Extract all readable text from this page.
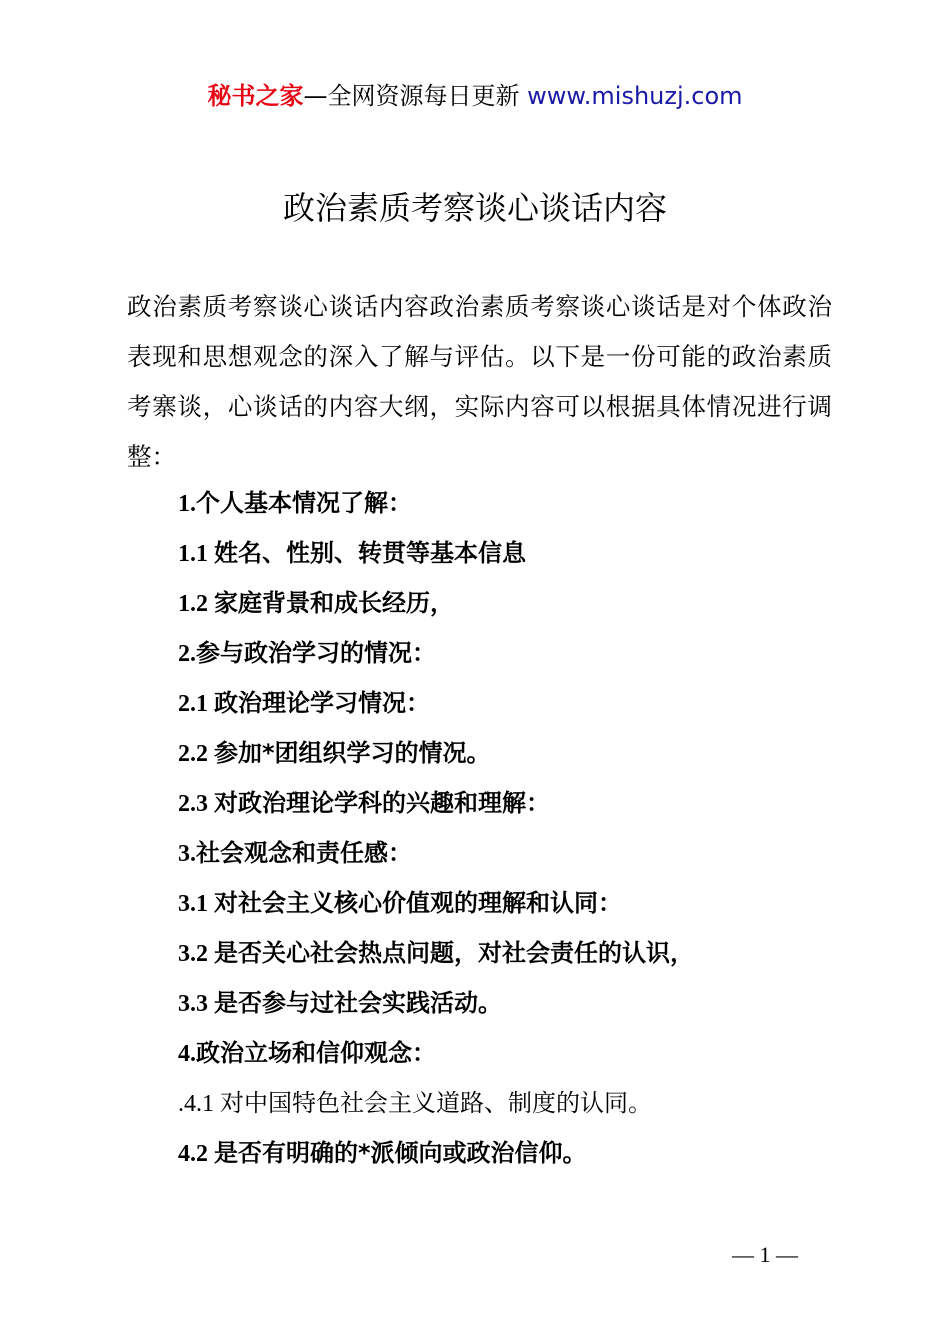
秘书之家—全网资源每日更新 www.mishuzj.com
政治素质考察谈心谈话内容

政治素质考察谈心谈话内容政治素质考察谈心谈话是对个体政治表现和思想观念的深入了解与评估。以下是一份可能的政治素质考寨谈，心谈话的内容大纲，实际内容可以根据具体情况进行调整：

1.个人基本情况了解：
1.1 姓名、性别、转贯等基本信息
1.2 家庭背景和成长经历，
2.参与政治学习的情况：
2.1 政治理论学习情况：
2.2 参加*团组织学习的情况。
2.3 对政治理论学科的兴趣和理解：
3.社会观念和责任感：
3.1 对社会主义核心价值观的理解和认同：
3.2 是否关心社会热点问题，对社会责任的认识，
3.3 是否参与过社会实践活动。
4.政治立场和信仰观念：
.4.1 对中国特色社会主义道路、制度的认同。
4.2 是否有明确的*派倾向或政治信仰。
— 1 —
